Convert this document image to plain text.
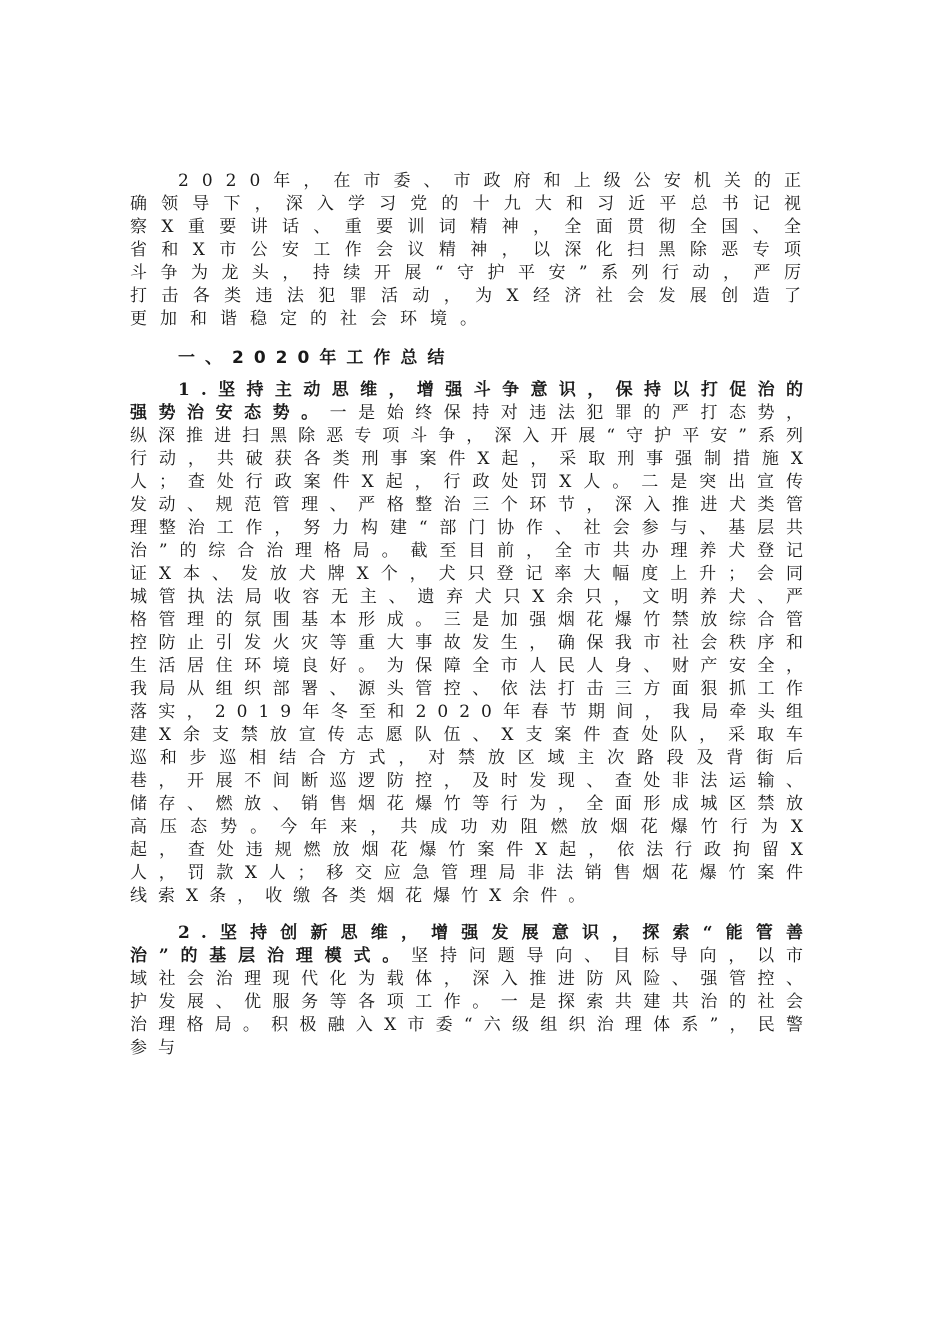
2020年，在市委、市政府和上级公安机关的正确领导下，深入学习党的十九大和习近平总书记视察X重要讲话、重要训词精神，全面贯彻全国、全省和X市公安工作会议精神，以深化扫黑除恶专项斗争为龙头，持续开展“守护平安”系列行动，严厉打击各类违法犯罪活动，为X经济社会发展创造了更加和谐稳定的社会环境。

一、2020年工作总结

1.坚持主动思维，增强斗争意识，保持以打促治的强势治安态势。一是始终保持对违法犯罪的严打态势，纵深推进扫黑除恶专项斗争，深入开展“守护平安”系列行动，共破获各类刑事案件X起，采取刑事强制措施X人；查处行政案件X起，行政处罚X人。二是突出宣传发动、规范管理、严格整治三个环节，深入推进犬类管理整治工作，努力构建“部门协作、社会参与、基层共治”的综合治理格局。截至目前，全市共办理养犬登记证X本、发放犬牌X个，犬只登记率大幅度上升；会同城管执法局收容无主、遗弃犬只X余只，文明养犬、严格管理的氛围基本形成。三是加强烟花爆竹禁放综合管控防止引发火灾等重大事故发生，确保我市社会秩序和生活居住环境良好。为保障全市人民人身、财产安全，我局从组织部署、源头管控、依法打击三方面狠抓工作落实，2019年冬至和2020年春节期间，我局牵头组建X余支禁放宣传志愿队伍、X支案件查处队，采取车巡和步巡相结合方式，对禁放区域主次路段及背街后巷，开展不间断巡逻防控，及时发现、查处非法运输、储存、燃放、销售烟花爆竹等行为，全面形成城区禁放高压态势。今年来，共成功劝阻燃放烟花爆竹行为X起，查处违规燃放烟花爆竹案件X起，依法行政拘留X人，罚款X人；移交应急管理局非法销售烟花爆竹案件线索X条，收缴各类烟花爆竹X余件。

2.坚持创新思维，增强发展意识，探索“能管善治”的基层治理模式。坚持问题导向、目标导向，以市域社会治理现代化为载体，深入推进防风险、强管控、护发展、优服务等各项工作。一是探索共建共治的社会治理格局。积极融入X市委“六级组织治理体系”，民警参与
